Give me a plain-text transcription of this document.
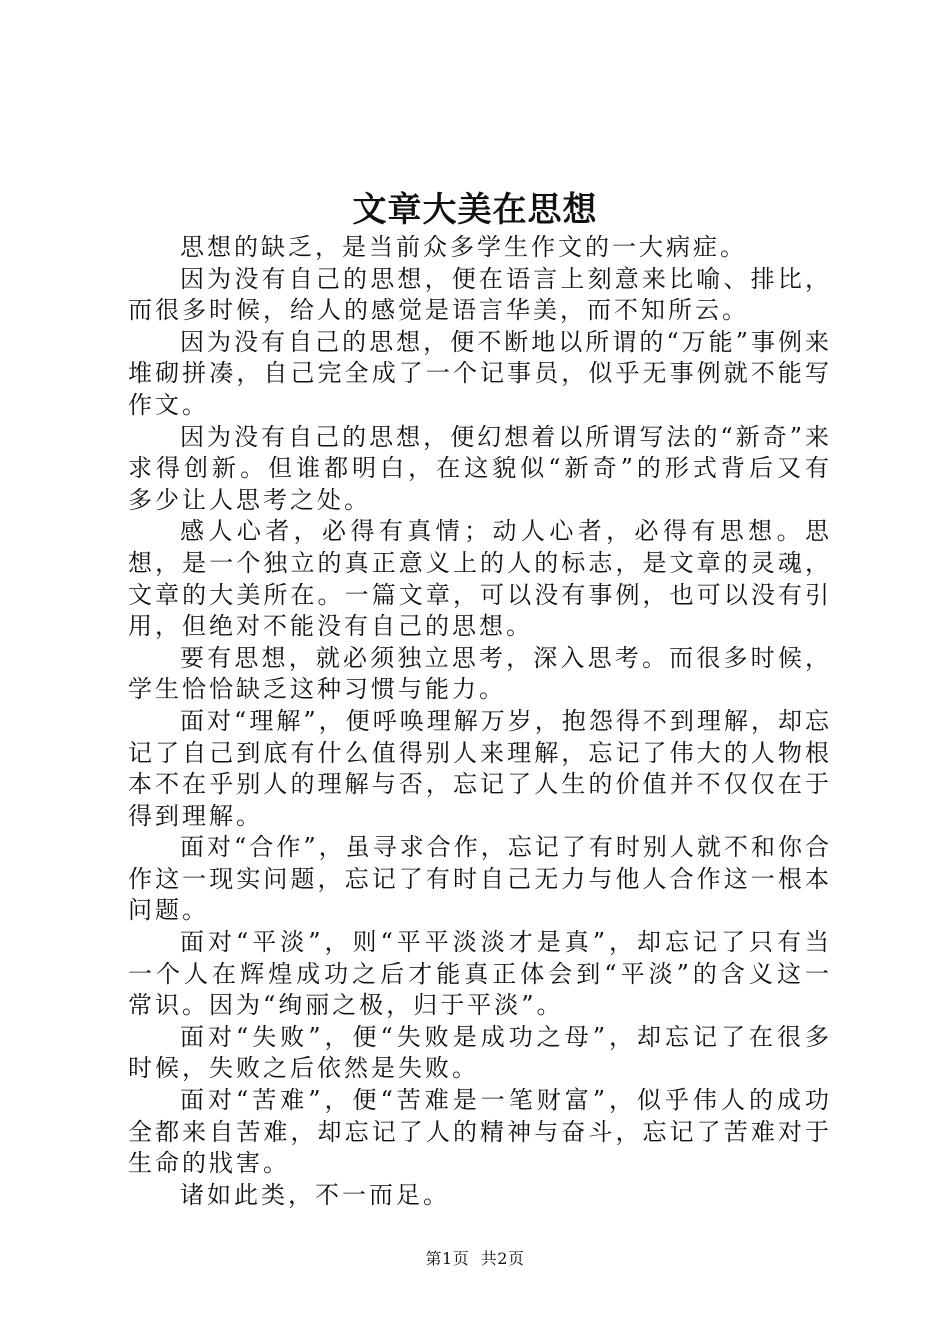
文章大美在思想

思想的缺乏，是当前众多学生作文的一大病症。

因为没有自己的思想，便在语言上刻意来比喻、排比，而很多时候，给人的感觉是语言华美，而不知所云。

因为没有自己的思想，便不断地以所谓的“万能”事例来堆砌拼凑，自己完全成了一个记事员，似乎无事例就不能写作文。

因为没有自己的思想，便幻想着以所谓写法的“新奇”来求得创新。但谁都明白，在这貌似“新奇”的形式背后又有多少让人思考之处。

感人心者，必得有真情；动人心者，必得有思想。思想，是一个独立的真正意义上的人的标志，是文章的灵魂，文章的大美所在。一篇文章，可以没有事例，也可以没有引用，但绝对不能没有自己的思想。

要有思想，就必须独立思考，深入思考。而很多时候，学生恰恰缺乏这种习惯与能力。

面对“理解”，便呼唤理解万岁，抱怨得不到理解，却忘记了自己到底有什么值得别人来理解，忘记了伟大的人物根本不在乎别人的理解与否，忘记了人生的价值并不仅仅在于得到理解。

面对“合作”，虽寻求合作，忘记了有时别人就不和你合作这一现实问题，忘记了有时自己无力与他人合作这一根本问题。

面对“平淡”，则“平平淡淡才是真”，却忘记了只有当一个人在辉煌成功之后才能真正体会到“平淡”的含义这一常识。因为“绚丽之极，归于平淡”。

面对“失败”，便“失败是成功之母”，却忘记了在很多时候，失败之后依然是失败。

面对“苦难”，便“苦难是一笔财富”，似乎伟人的成功全都来自苦难，却忘记了人的精神与奋斗，忘记了苦难对于生命的戕害。

诸如此类，不一而足。

第1页 共2页
